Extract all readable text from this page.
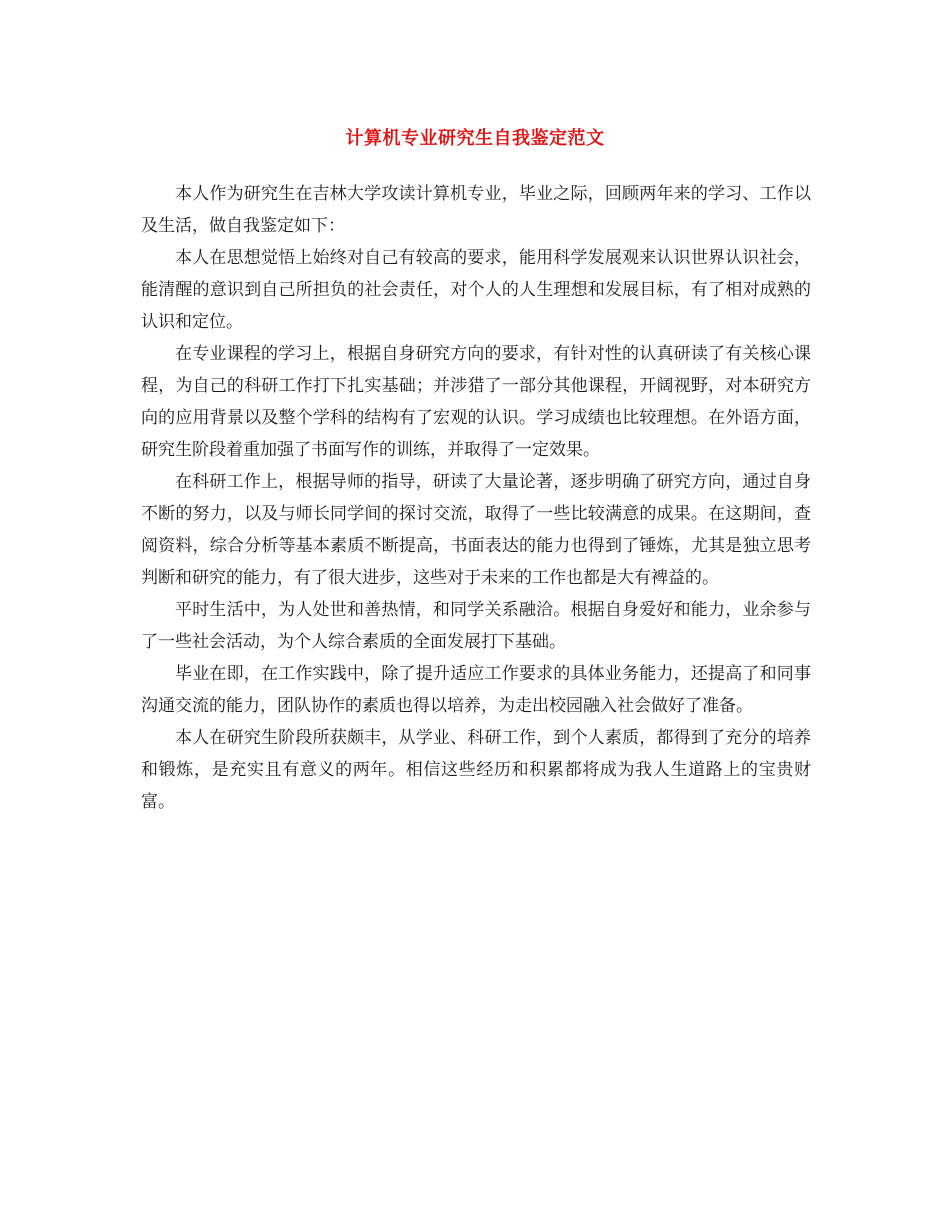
计算机专业研究生自我鉴定范文

本人作为研究生在吉林大学攻读计算机专业，毕业之际，回顾两年来的学习、工作以及生活，做自我鉴定如下：

本人在思想觉悟上始终对自己有较高的要求，能用科学发展观来认识世界认识社会，能清醒的意识到自己所担负的社会责任，对个人的人生理想和发展目标，有了相对成熟的认识和定位。

在专业课程的学习上，根据自身研究方向的要求，有针对性的认真研读了有关核心课程，为自己的科研工作打下扎实基础；并涉猎了一部分其他课程，开阔视野，对本研究方向的应用背景以及整个学科的结构有了宏观的认识。学习成绩也比较理想。在外语方面，研究生阶段着重加强了书面写作的训练，并取得了一定效果。

在科研工作上，根据导师的指导，研读了大量论著，逐步明确了研究方向，通过自身不断的努力，以及与师长同学间的探讨交流，取得了一些比较满意的成果。在这期间，查阅资料，综合分析等基本素质不断提高，书面表达的能力也得到了锤炼，尤其是独立思考判断和研究的能力，有了很大进步，这些对于未来的工作也都是大有裨益的。

平时生活中，为人处世和善热情，和同学关系融洽。根据自身爱好和能力，业余参与了一些社会活动，为个人综合素质的全面发展打下基础。

毕业在即，在工作实践中，除了提升适应工作要求的具体业务能力，还提高了和同事沟通交流的能力，团队协作的素质也得以培养，为走出校园融入社会做好了准备。

本人在研究生阶段所获颇丰，从学业、科研工作，到个人素质，都得到了充分的培养和锻炼，是充实且有意义的两年。相信这些经历和积累都将成为我人生道路上的宝贵财富。
